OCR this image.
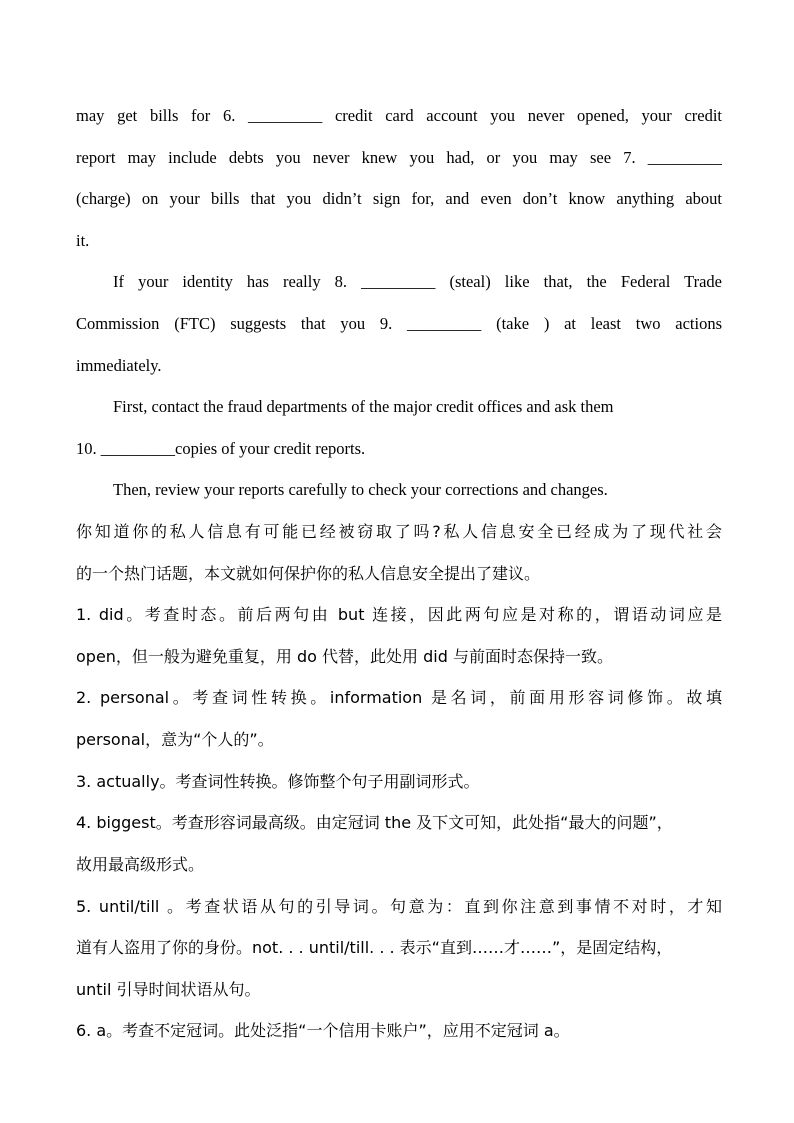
may get bills for 6. _________ credit card account you never opened, your credit
report may include debts you never knew you had, or you may see 7. _________
(charge) on your bills that you didn’t sign for, and even don’t know anything about
it.
If your identity has really 8. _________ (steal) like that, the Federal Trade
Commission (FTC) suggests that you 9. _________ (take ) at least two actions
immediately.
First, contact the fraud departments of the major credit offices and ask them
10. _________copies of your credit reports.
Then, review your reports carefully to check your corrections and changes.
你知道你的私人信息有可能已经被窃取了吗?私人信息安全已经成为了现代社会
的一个热门话题，本文就如何保护你的私人信息安全提出了建议。
1. did。考查时态。前后两句由 but 连接，因此两句应是对称的，谓语动词应是
open，但一般为避免重复，用 do 代替，此处用 did 与前面时态保持一致。
2. personal。考查词性转换。information 是名词，前面用形容词修饰。故填
personal，意为“个人的”。
3. actually。考查词性转换。修饰整个句子用副词形式。
4. biggest。考查形容词最高级。由定冠词 the 及下文可知，此处指“最大的问题”，
故用最高级形式。
5. until/till 。考查状语从句的引导词。句意为：直到你注意到事情不对时，才知
道有人盗用了你的身份。not. . . until/till. . . 表示“直到……才……”，是固定结构，
until 引导时间状语从句。
6. a。考查不定冠词。此处泛指“一个信用卡账户”，应用不定冠词 a。
